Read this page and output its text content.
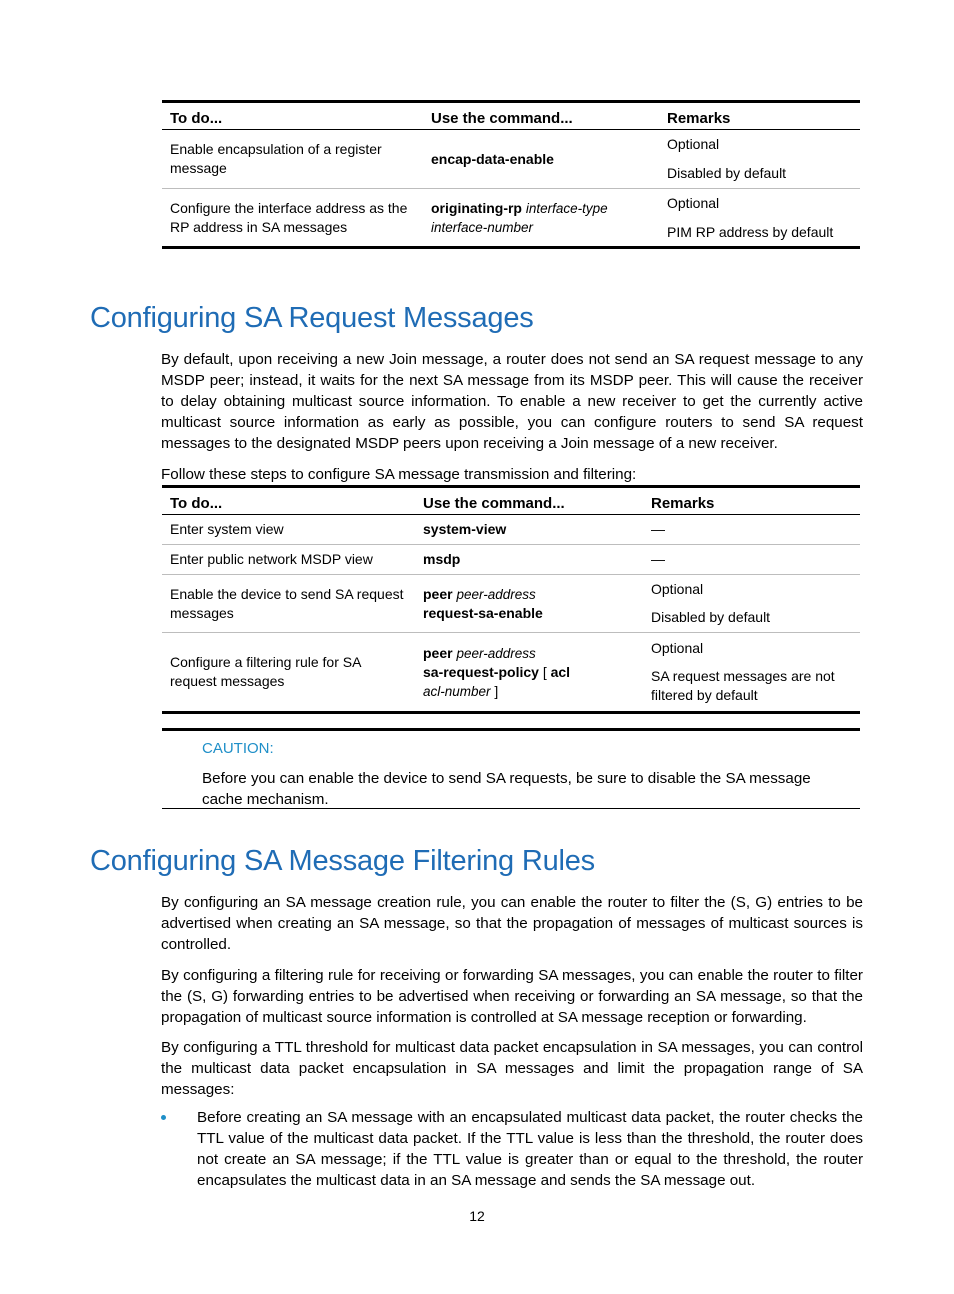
To do...	Use the command...	Remarks
Enable encapsulation of a register message	encap-data-enable	Optional
Disabled by default

Configure the interface address as the RP address in SA messages	originating-rp interface-type interface-number	Optional
PIM RP address by default
Configuring SA Request Messages

By default, upon receiving a new Join message, a router does not send an SA request message to any MSDP peer; instead, it waits for the next SA message from its MSDP peer. This will cause the receiver to delay obtaining multicast source information. To enable a new receiver to get the currently active multicast source information as early as possible, you can configure routers to send SA request messages to the designated MSDP peers upon receiving a Join message of a new receiver.

Follow these steps to configure SA message transmission and filtering:

To do...	Use the command...	Remarks
Enter system view	system-view	—
Enter public network MSDP view	msdp	—
Enable the device to send SA request messages	peer peer-address
request-sa-enable	Optional
Disabled by default

Configure a filtering rule for SA request messages	peer peer-address
sa-request-policy [ acl
acl-number ]	Optional
SA request messages are not filtered by default
CAUTION:
Before you can enable the device to send SA requests, be sure to disable the SA message cache mechanism.
Configuring SA Message Filtering Rules

By configuring an SA message creation rule, you can enable the router to filter the (S, G) entries to be advertised when creating an SA message, so that the propagation of messages of multicast sources is controlled.

By configuring a filtering rule for receiving or forwarding SA messages, you can enable the router to filter the (S, G) forwarding entries to be advertised when receiving or forwarding an SA message, so that the propagation of multicast source information is controlled at SA message reception or forwarding.

By configuring a TTL threshold for multicast data packet encapsulation in SA messages, you can control the multicast data packet encapsulation in SA messages and limit the propagation range of SA messages:

Before creating an SA message with an encapsulated multicast data packet, the router checks the TTL value of the multicast data packet. If the TTL value is less than the threshold, the router does not create an SA message; if the TTL value is greater than or equal to the threshold, the router encapsulates the multicast data in an SA message and sends the SA message out.
12
